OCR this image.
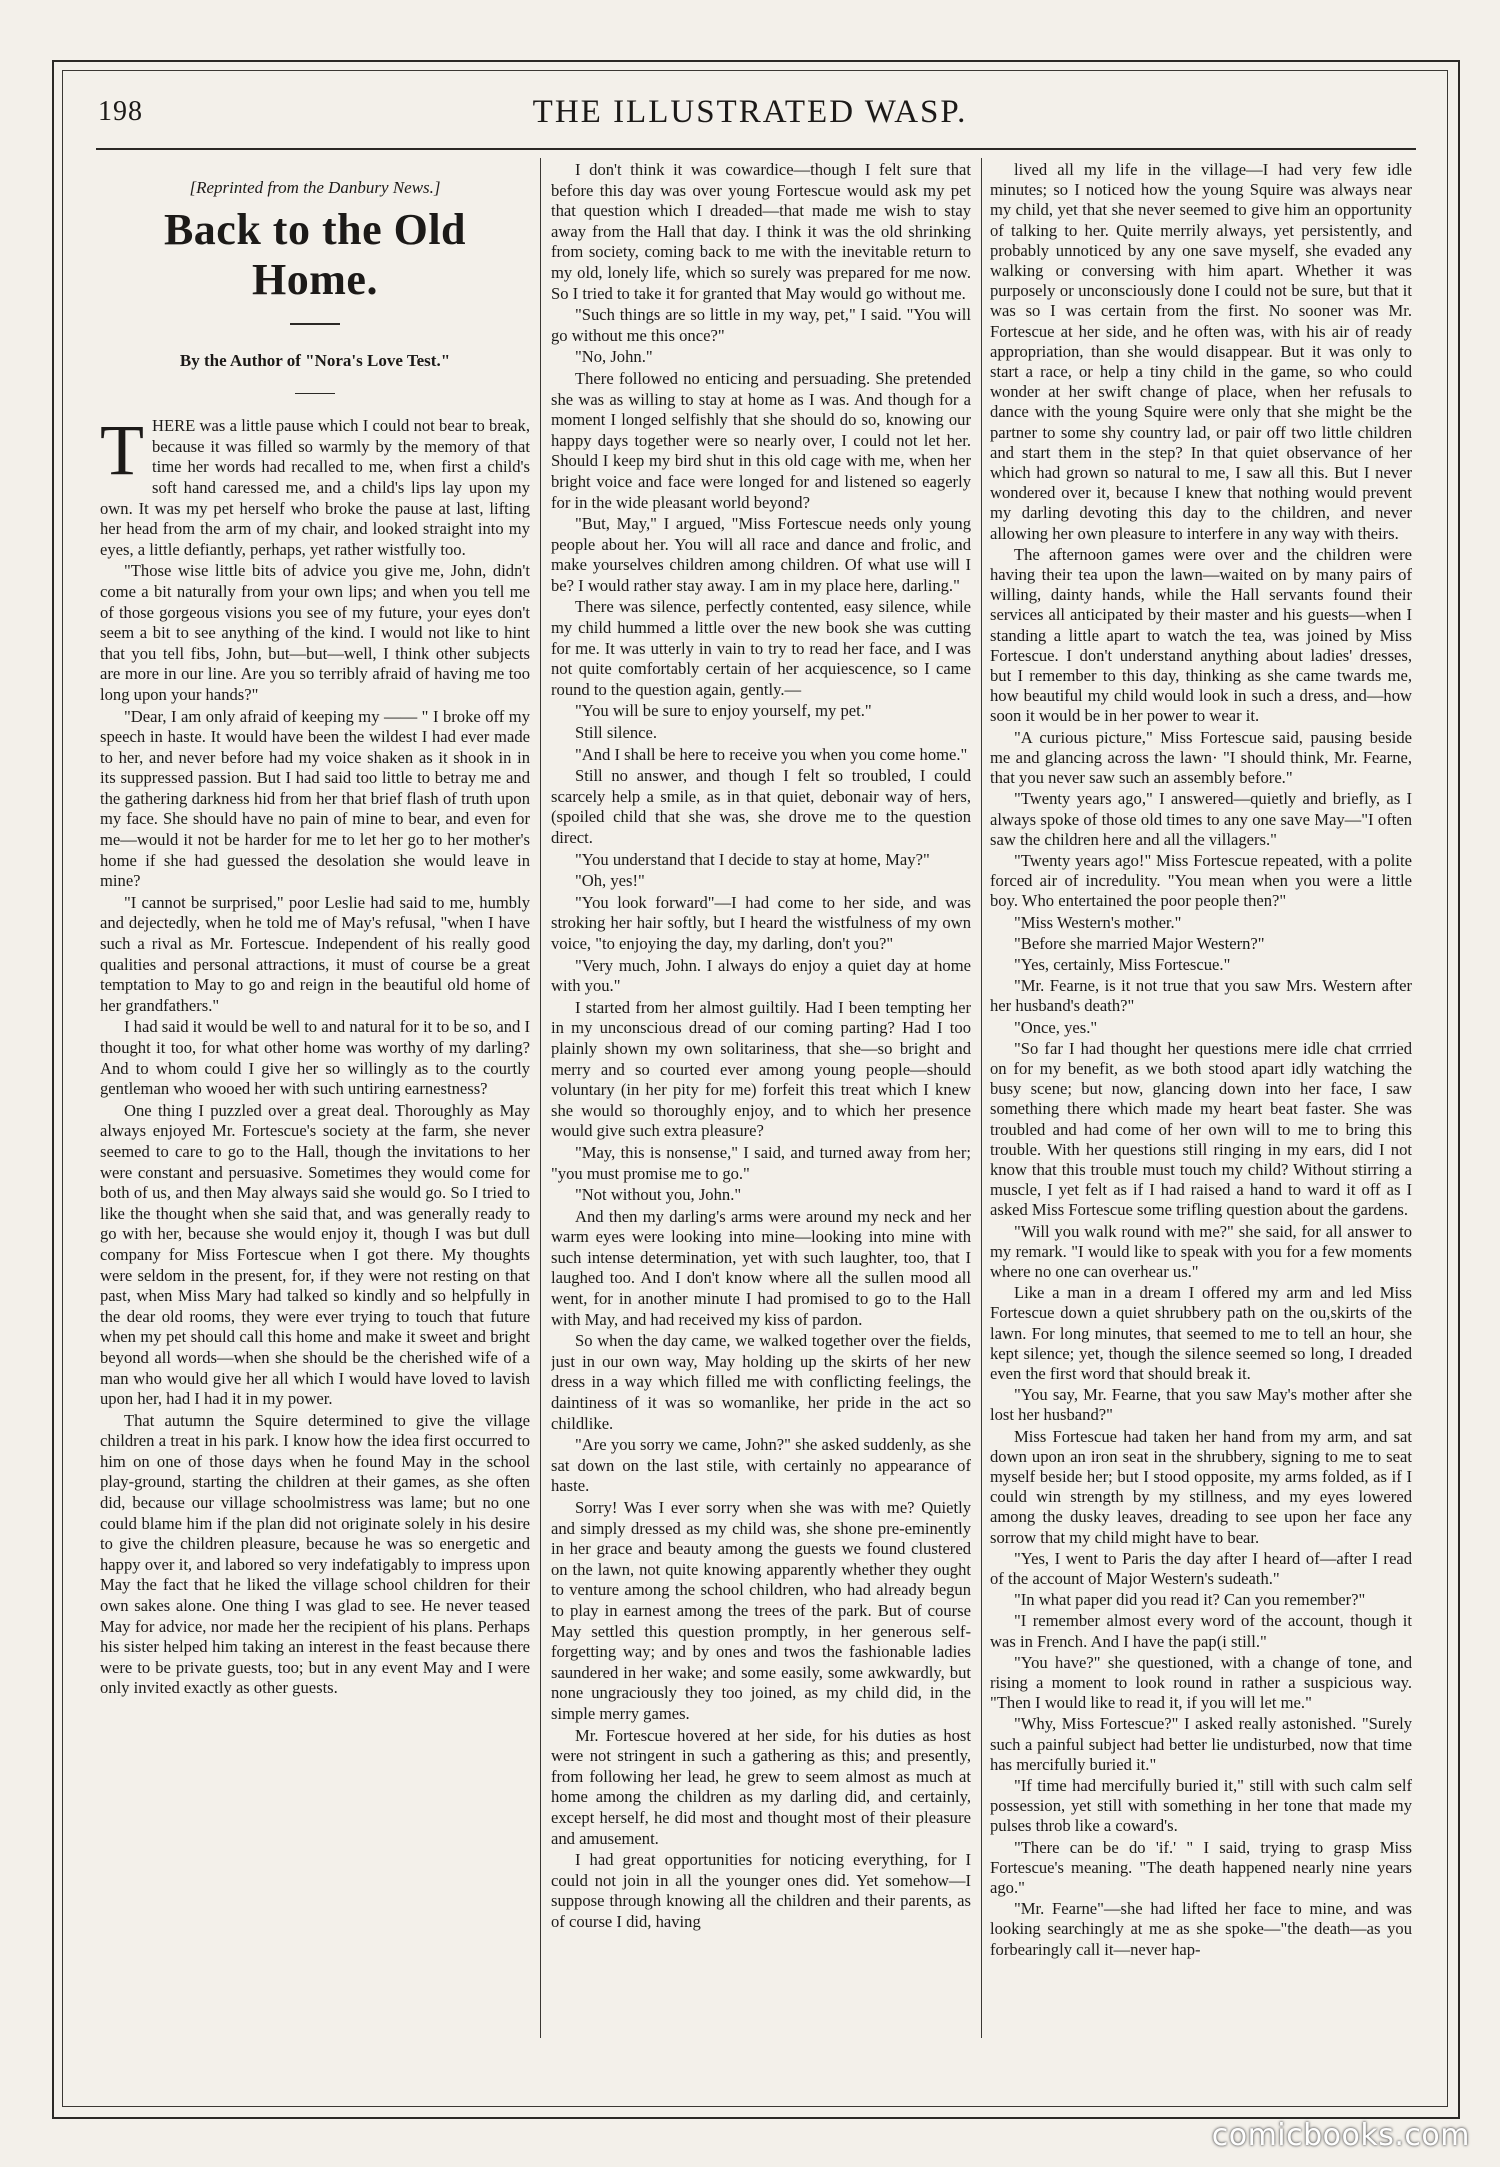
198	THE ILLUSTRATED WASP.
[Reprinted from the Danbury News.]
Back to the Old Home.
By the Author of "Nora's Love Test."

THERE was a little pause which I could not bear to break, because it was filled so warmly by the memory of that time her words had recalled to me, when first a child's soft hand caressed me, and a child's lips lay upon my own. It was my pet herself who broke the pause at last, lifting her head from the arm of my chair, and looked straight into my eyes, a little defiantly, perhaps, yet rather wistfully too.

"Those wise little bits of advice you give me, John, didn't come a bit naturally from your own lips; and when you tell me of those gorgeous visions you see of my future, your eyes don't seem a bit to see anything of the kind. I would not like to hint that you tell fibs, John, but—but—well, I think other subjects are more in our line. Are you so terribly afraid of having me too long upon your hands?"

"Dear, I am only afraid of keeping my —— " I broke off my speech in haste. It would have been the wildest I had ever made to her, and never before had my voice shaken as it shook in in its suppressed passion. But I had said too little to betray me and the gathering darkness hid from her that brief flash of truth upon my face. She should have no pain of mine to bear, and even for me—would it not be harder for me to let her go to her mother's home if she had guessed the desolation she would leave in mine?

"I cannot be surprised," poor Leslie had said to me, humbly and dejectedly, when he told me of May's refusal, "when I have such a rival as Mr. Fortescue. Independent of his really good qualities and personal attractions, it must of course be a great temptation to May to go and reign in the beautiful old home of her grandfathers."

I had said it would be well to and natural for it to be so, and I thought it too, for what other home was worthy of my darling? And to whom could I give her so willingly as to the courtly gentleman who wooed her with such untiring earnestness?

One thing I puzzled over a great deal. Thoroughly as May always enjoyed Mr. Fortescue's society at the farm, she never seemed to care to go to the Hall, though the invitations to her were constant and persuasive. Sometimes they would come for both of us, and then May always said she would go. So I tried to like the thought when she said that, and was generally ready to go with her, because she would enjoy it, though I was but dull company for Miss Fortescue when I got there. My thoughts were seldom in the present, for, if they were not resting on that past, when Miss Mary had talked so kindly and so helpfully in the dear old rooms, they were ever trying to touch that future when my pet should call this home and make it sweet and bright beyond all words—when she should be the cherished wife of a man who would give her all which I would have loved to lavish upon her, had I had it in my power.

That autumn the Squire determined to give the village children a treat in his park. I know how the idea first occurred to him on one of those days when he found May in the school play-ground, starting the children at their games, as she often did, because our village schoolmistress was lame; but no one could blame him if the plan did not originate solely in his desire to give the children pleasure, because he was so energetic and happy over it, and labored so very indefatigably to impress upon May the fact that he liked the village school children for their own sakes alone. One thing I was glad to see. He never teased May for advice, nor made her the recipient of his plans. Perhaps his sister helped him taking an interest in the feast because there were to be private guests, too; but in any event May and I were only invited exactly as other guests.

I don't think it was cowardice—though I felt sure that before this day was over young Fortescue would ask my pet that question which I dreaded—that made me wish to stay away from the Hall that day. I think it was the old shrinking from society, coming back to me with the inevitable return to my old, lonely life, which so surely was prepared for me now. So I tried to take it for granted that May would go without me.

"Such things are so little in my way, pet," I said. "You will go without me this once?"

"No, John."

There followed no enticing and persuading. She pretended she was as willing to stay at home as I was. And though for a moment I longed selfishly that she should do so, knowing our happy days together were so nearly over, I could not let her. Should I keep my bird shut in this old cage with me, when her bright voice and face were longed for and listened so eagerly for in the wide pleasant world beyond?

"But, May," I argued, "Miss Fortescue needs only young people about her. You will all race and dance and frolic, and make yourselves children among children. Of what use will I be? I would rather stay away. I am in my place here, darling."

There was silence, perfectly contented, easy silence, while my child hummed a little over the new book she was cutting for me. It was utterly in vain to try to read her face, and I was not quite comfortably certain of her acquiescence, so I came round to the question again, gently.—

"You will be sure to enjoy yourself, my pet."

Still silence.

"And I shall be here to receive you when you come home."

Still no answer, and though I felt so troubled, I could scarcely help a smile, as in that quiet, debonair way of hers, (spoiled child that she was, she drove me to the question direct.

"You understand that I decide to stay at home, May?"

"Oh, yes!"

"You look forward"—I had come to her side, and was stroking her hair softly, but I heard the wistfulness of my own voice, "to enjoying the day, my darling, don't you?"

"Very much, John. I always do enjoy a quiet day at home with you."

I started from her almost guiltily. Had I been tempting her in my unconscious dread of our coming parting? Had I too plainly shown my own solitariness, that she—so bright and merry and so courted ever among young people—should voluntary (in her pity for me) forfeit this treat which I knew she would so thoroughly enjoy, and to which her presence would give such extra pleasure?

"May, this is nonsense," I said, and turned away from her; "you must promise me to go."

"Not without you, John."

And then my darling's arms were around my neck and her warm eyes were looking into mine—looking into mine with such intense determination, yet with such laughter, too, that I laughed too. And I don't know where all the sullen mood all went, for in another minute I had promised to go to the Hall with May, and had received my kiss of pardon.

So when the day came, we walked together over the fields, just in our own way, May holding up the skirts of her new dress in a way which filled me with conflicting feelings, the daintiness of it was so womanlike, her pride in the act so childlike.

"Are you sorry we came, John?" she asked suddenly, as she sat down on the last stile, with certainly no appearance of haste.

Sorry! Was I ever sorry when she was with me? Quietly and simply dressed as my child was, she shone pre-eminently in her grace and beauty among the guests we found clustered on the lawn, not quite knowing apparently whether they ought to venture among the school children, who had already begun to play in earnest among the trees of the park. But of course May settled this question promptly, in her generous self-forgetting way; and by ones and twos the fashionable ladies saundered in her wake; and some easily, some awkwardly, but none ungraciously they too joined, as my child did, in the simple merry games.

Mr. Fortescue hovered at her side, for his duties as host were not stringent in such a gathering as this; and presently, from following her lead, he grew to seem almost as much at home among the children as my darling did, and certainly, except herself, he did most and thought most of their pleasure and amusement.

I had great opportunities for noticing everything, for I could not join in all the younger ones did. Yet somehow—I suppose through knowing all the children and their parents, as of course I did, having

lived all my life in the village—I had very few idle minutes; so I noticed how the young Squire was always near my child, yet that she never seemed to give him an opportunity of talking to her. Quite merrily always, yet persistently, and probably unnoticed by any one save myself, she evaded any walking or conversing with him apart. Whether it was purposely or unconsciously done I could not be sure, but that it was so I was certain from the first. No sooner was Mr. Fortescue at her side, and he often was, with his air of ready appropriation, than she would disappear. But it was only to start a race, or help a tiny child in the game, so who could wonder at her swift change of place, when her refusals to dance with the young Squire were only that she might be the partner to some shy country lad, or pair off two little children and start them in the step? In that quiet observance of her which had grown so natural to me, I saw all this. But I never wondered over it, because I knew that nothing would prevent my darling devoting this day to the children, and never allowing her own pleasure to interfere in any way with theirs.

The afternoon games were over and the children were having their tea upon the lawn—waited on by many pairs of willing, dainty hands, while the Hall servants found their services all anticipated by their master and his guests—when I standing a little apart to watch the tea, was joined by Miss Fortescue. I don't understand anything about ladies' dresses, but I remember to this day, thinking as she came twards me, how beautiful my child would look in such a dress, and—how soon it would be in her power to wear it.

"A curious picture," Miss Fortescue said, pausing beside me and glancing across the lawn· "I should think, Mr. Fearne, that you never saw such an assembly before."

"Twenty years ago," I answered—quietly and briefly, as I always spoke of those old times to any one save May—"I often saw the children here and all the villagers."

"Twenty years ago!" Miss Fortescue repeated, with a polite forced air of incredulity. "You mean when you were a little boy. Who entertained the poor people then?"

"Miss Western's mother."

"Before she married Major Western?"

"Yes, certainly, Miss Fortescue."

"Mr. Fearne, is it not true that you saw Mrs. Western after her husband's death?"

"Once, yes."

"So far I had thought her questions mere idle chat crrried on for my benefit, as we both stood apart idly watching the busy scene; but now, glancing down into her face, I saw something there which made my heart beat faster. She was troubled and had come of her own will to me to bring this trouble. With her questions still ringing in my ears, did I not know that this trouble must touch my child? Without stirring a muscle, I yet felt as if I had raised a hand to ward it off as I asked Miss Fortescue some trifling question about the gardens.

"Will you walk round with me?" she said, for all answer to my remark. "I would like to speak with you for a few moments where no one can overhear us."

Like a man in a dream I offered my arm and led Miss Fortescue down a quiet shrubbery path on the ou,skirts of the lawn. For long minutes, that seemed to me to tell an hour, she kept silence; yet, though the silence seemed so long, I dreaded even the first word that should break it.

"You say, Mr. Fearne, that you saw May's mother after she lost her husband?"

Miss Fortescue had taken her hand from my arm, and sat down upon an iron seat in the shrubbery, signing to me to seat myself beside her; but I stood opposite, my arms folded, as if I could win strength by my stillness, and my eyes lowered among the dusky leaves, dreading to see upon her face any sorrow that my child might have to bear.

"Yes, I went to Paris the day after I heard of—after I read of the account of Major Western's sudeath."

"In what paper did you read it? Can you remember?"

"I remember almost every word of the account, though it was in French. And I have the pap(i still."

"You have?" she questioned, with a change of tone, and rising a moment to look round in rather a suspicious way. "Then I would like to read it, if you will let me."

"Why, Miss Fortescue?" I asked really astonished. "Surely such a painful subject had better lie undisturbed, now that time has mercifully buried it."

"If time had mercifully buried it," still with such calm self possession, yet still with something in her tone that made my pulses throb like a coward's.

"There can be do 'if.' " I said, trying to grasp Miss Fortescue's meaning. "The death happened nearly nine years ago."

"Mr. Fearne"—she had lifted her face to mine, and was looking searchingly at me as she spoke—"the death—as you forbearingly call it—never hap-

comicbooks.com
